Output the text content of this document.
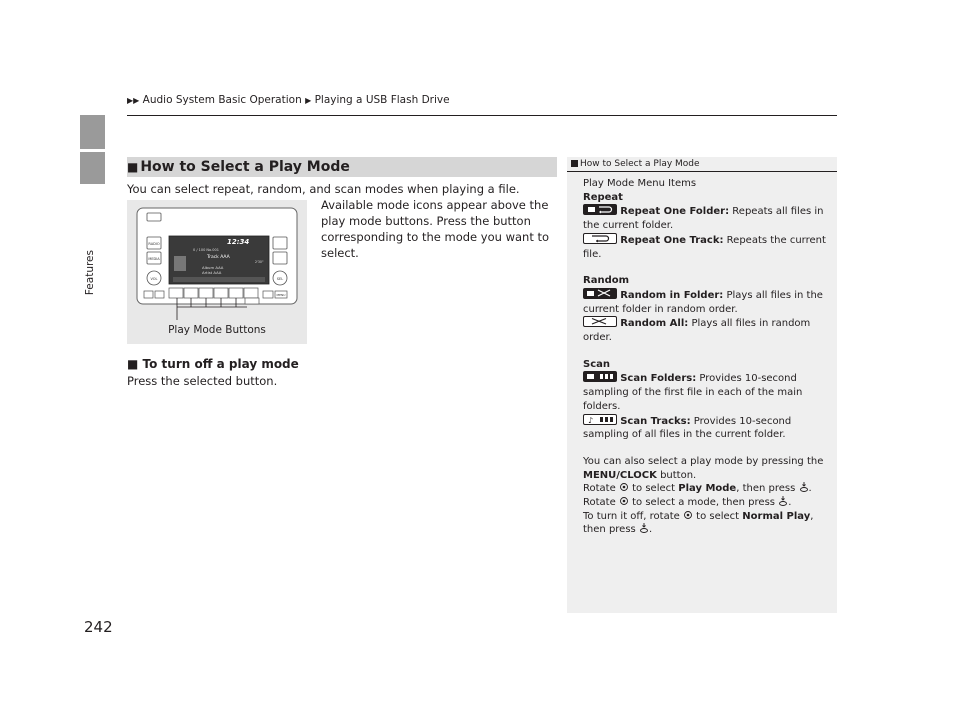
▶▶ Audio System Basic Operation ▶ Playing a USB Flash Drive
Features
242
■ How to Select a Play Mode
You can select repeat, random, and scan modes when playing a file.
RADIO
MEDIA
VOL
12:34
0 / 100 No.001
Track AAA
2'30"
Album AAA
Artist AAA
SEL
MENU
Play Mode Buttons
Available mode icons appear above the play mode buttons. Press the button corresponding to the mode you want to select.
■ To turn off a play mode
Press the selected button.
How to Select a Play Mode
Play Mode Menu Items
Repeat
Repeat One Folder: Repeats all files in the current folder.
Repeat One Track: Repeats the current file.
Random
Random in Folder: Plays all files in the current folder in random order.
Random All: Plays all files in random order.
Scan
Scan Folders: Provides 10-second sampling of the first file in each of the main folders.
♪	Scan Tracks: Provides 10-second sampling of all files in the current folder.
You can also select a play mode by pressing the MENU/CLOCK button.
Rotate to select Play Mode, then press .
Rotate to select a mode, then press .
To turn it off, rotate to select Normal Play, then press .
